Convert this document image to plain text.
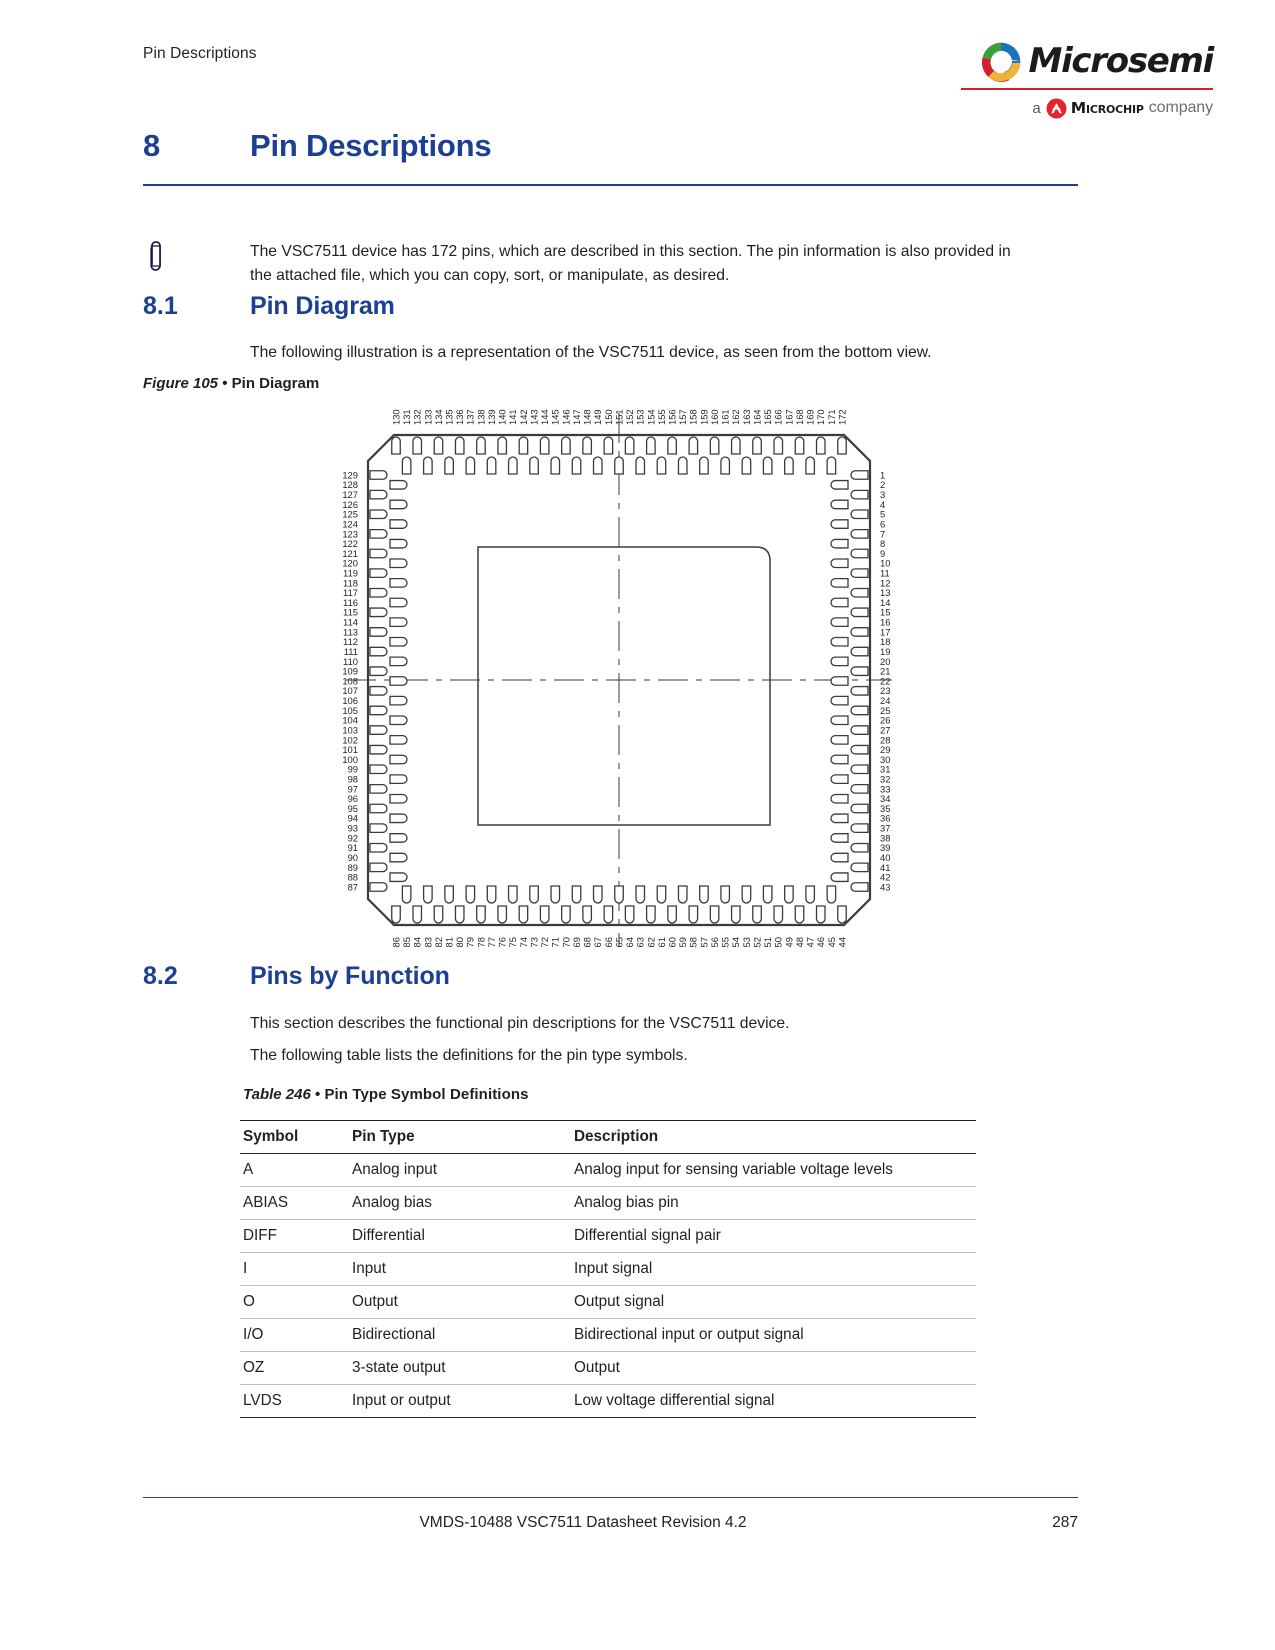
Pin Descriptions	Microsemi
a Microchip company
8	Pin Descriptions
The VSC7511 device has 172 pins, which are described in this section. The pin information is also provided in the attached file, which you can copy, sort, or manipulate, as desired.
8.1	Pin Diagram
The following illustration is a representation of the VSC7511 device, as seen from the bottom view.
Figure 105 • Pin Diagram
130 131 132 133 134 135 136 137 138 139 140 141 142 143 144 145 146 147 148 149 150 151 152 153 154 155 156 157 158 159 160 161 162 163 164 165 166 167 168 169 170 171 172
86 85 84 83 82 81 80 79 78 77 76 75 74 73 72 71 70 69 68 67 66 65 64 63 62 61 60 59 58 57 56 55 54 53 52 51 50 49 48 47 46 45 44
129
128
127
126
125
124
123
122
121
120
119
118
117
116
115
114
113
112
111
110
109
108
107
106
105
104
103
102
101
100
99
98
97
96
95
94
93
92
91
90
89
88
87
1
2
3
4
5
6
7
8
9
10
11
12
13
14
15
16
17
18
19
20
21
22
23
24
25
26
27
28
29
30
31
32
33
34
35
36
37
38
39
40
41
42
43
8.2	Pins by Function
This section describes the functional pin descriptions for the VSC7511 device.
The following table lists the definitions for the pin type symbols.
Table 246 • Pin Type Symbol Definitions
Symbol	Pin Type	Description
A	Analog input	Analog input for sensing variable voltage levels
ABIAS	Analog bias	Analog bias pin
DIFF	Differential	Differential signal pair
I	Input	Input signal
O	Output	Output signal
I/O	Bidirectional	Bidirectional input or output signal
OZ	3-state output	Output
LVDS	Input or output	Low voltage differential signal
VMDS-10488 VSC7511 Datasheet Revision 4.2	287
